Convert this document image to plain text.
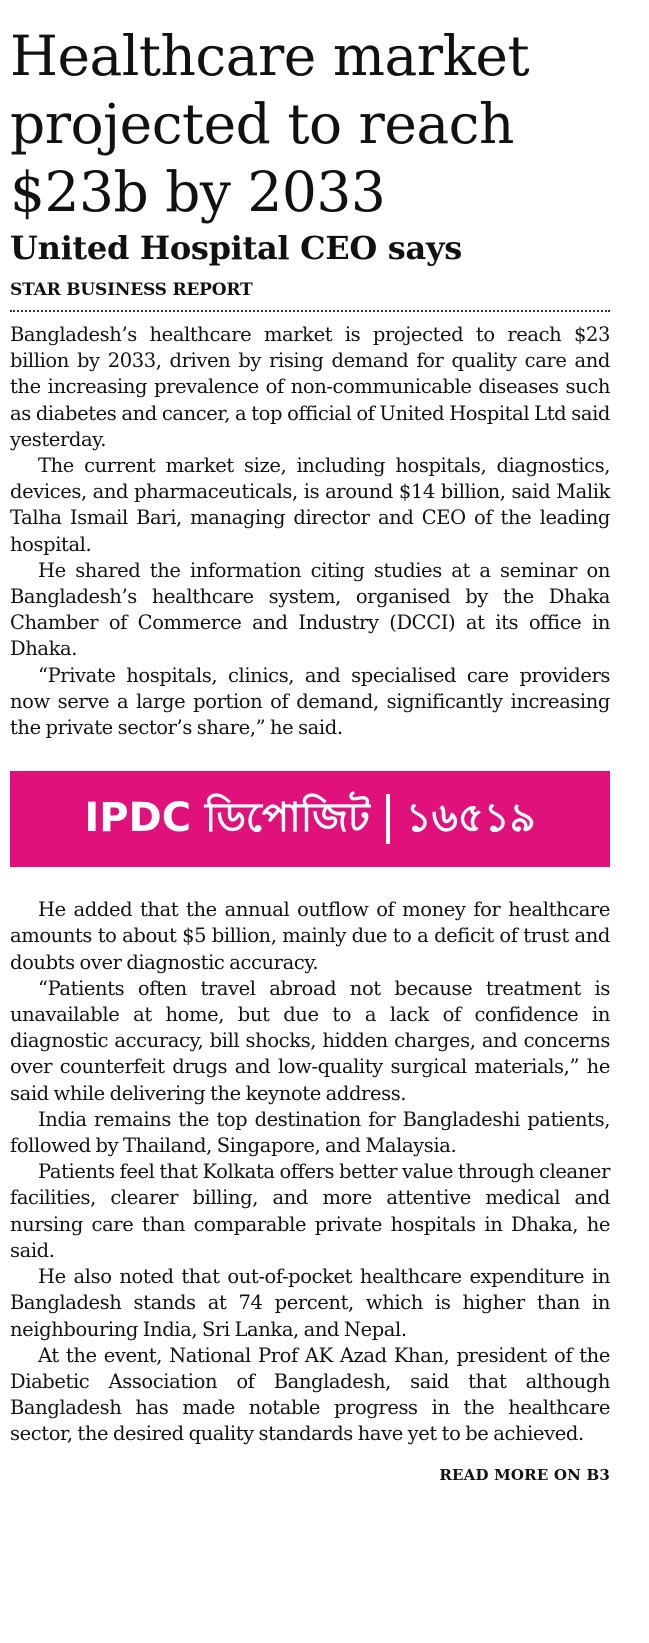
Healthcare market
projected to reach
$23b by 2033
United Hospital CEO says
STAR BUSINESS REPORT

Bangladesh’s healthcare market is projected to reach $23 billion by 2033, driven by rising demand for quality care and the increasing prevalence of non-communicable diseases such as diabetes and cancer, a top official of United Hospital Ltd said yesterday.

The current market size, including hospitals, diagnostics, devices, and pharmaceuticals, is around $14 billion, said Malik Talha Ismail Bari, managing director and CEO of the leading hospital.

He shared the information citing studies at a seminar on Bangladesh’s healthcare system, organised by the Dhaka Chamber of Commerce and Industry (DCCI) at its office in Dhaka.

“Private hospitals, clinics, and specialised care providers now serve a large portion of demand, significantly increasing the private sector’s share,” he said.

IPDC ডিপোজিট ১৬৫১৯

He added that the annual outflow of money for healthcare amounts to about $5 billion, mainly due to a deficit of trust and doubts over diagnostic accuracy.

“Patients often travel abroad not because treatment is unavailable at home, but due to a lack of confidence in diagnostic accuracy, bill shocks, hidden charges, and concerns over counterfeit drugs and low-quality surgical materials,” he said while delivering the keynote address.

India remains the top destination for Bangladeshi patients, followed by Thailand, Singapore, and Malaysia.

Patients feel that Kolkata offers better value through cleaner facilities, clearer billing, and more attentive medical and nursing care than comparable private hospitals in Dhaka, he said.

He also noted that out-of-pocket healthcare expenditure in Bangladesh stands at 74 percent, which is higher than in neighbouring India, Sri Lanka, and Nepal.

At the event, National Prof AK Azad Khan, president of the Diabetic Association of Bangladesh, said that although Bangladesh has made notable progress in the healthcare sector, the desired quality standards have yet to be achieved.

READ MORE ON B3
